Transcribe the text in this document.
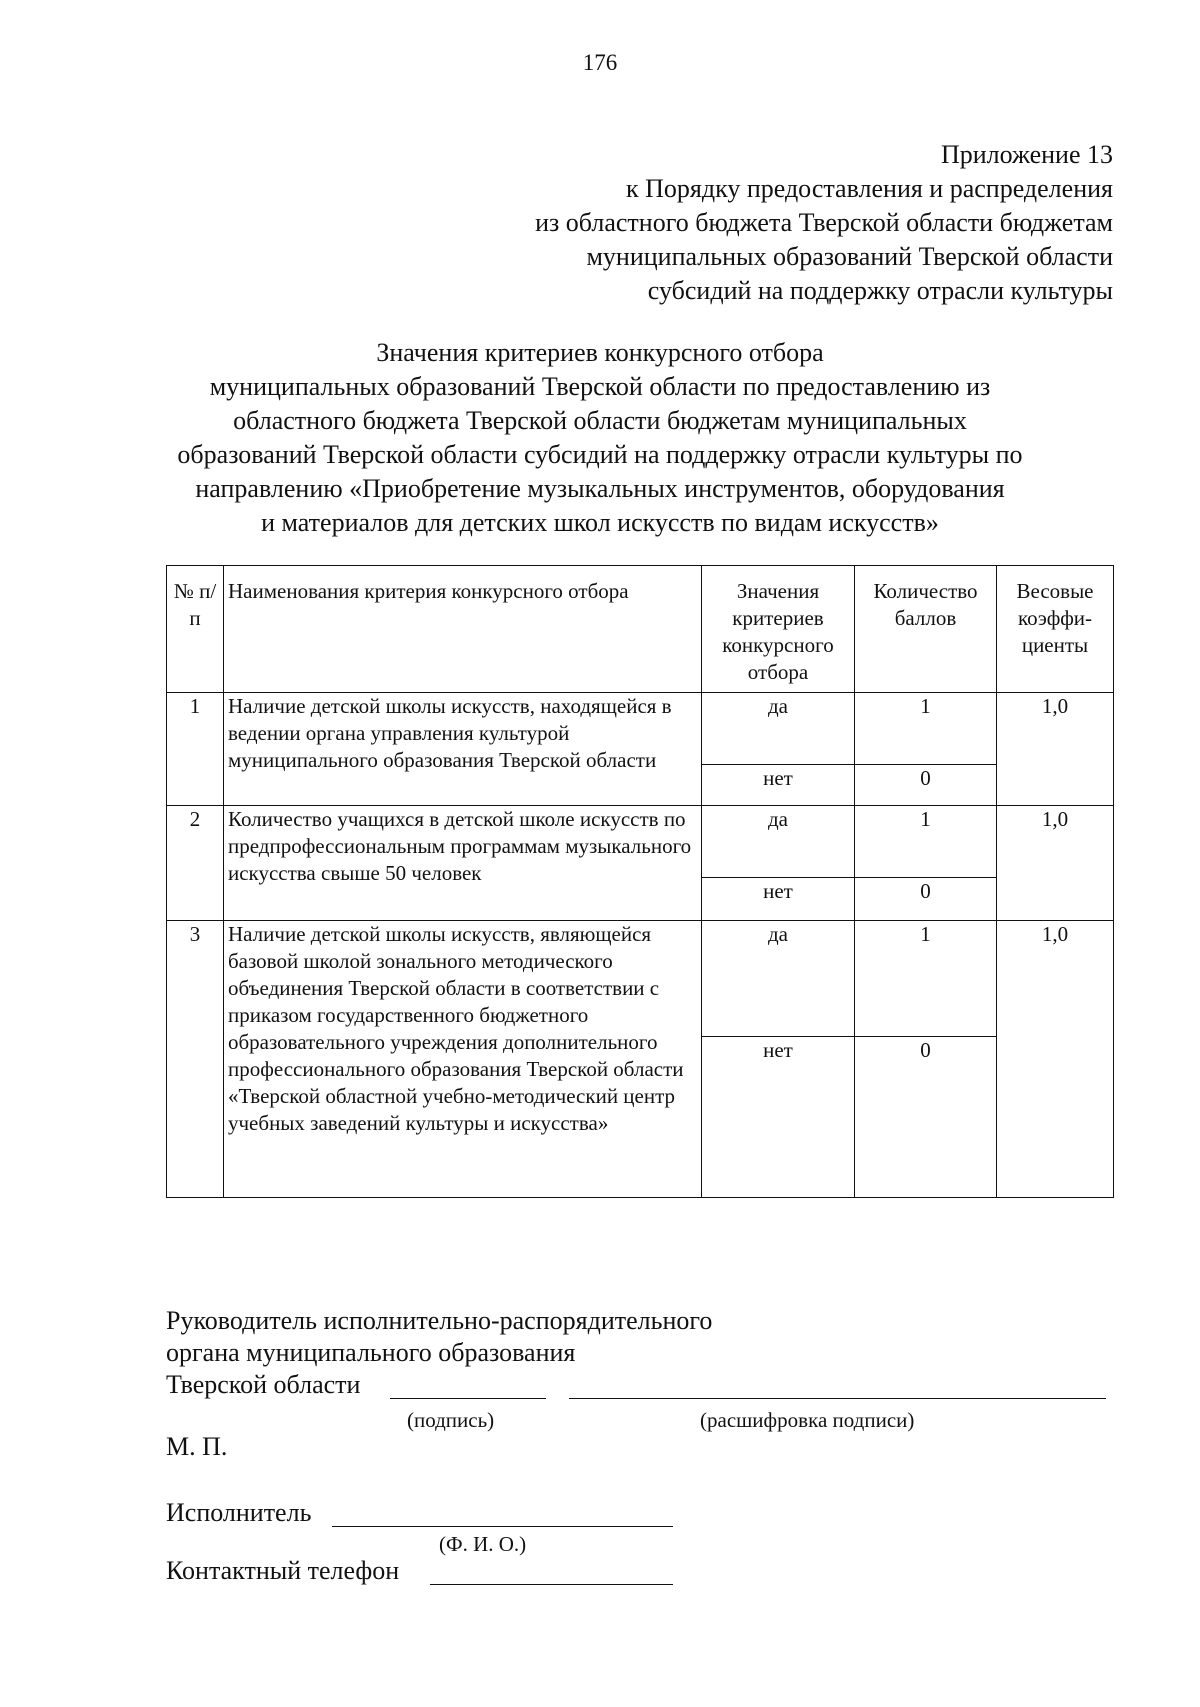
176
Приложение 13
к Порядку предоставления и распределения
из областного бюджета Тверской области бюджетам
муниципальных образований Тверской области
субсидий на поддержку отрасли культуры
Значения критериев конкурсного отбора
муниципальных образований Тверской области по предоставлению из
областного бюджета Тверской области бюджетам муниципальных
образований Тверской области субсидий на поддержку отрасли культуры по
направлению «Приобретение музыкальных инструментов, оборудования
и материалов для детских школ искусств по видам искусств»
№ п/п	Наименования критерия конкурсного отбора	Значения критериев конкурсного отбора	Количество баллов	Весовые коэффи-циенты
1	Наличие детской школы искусств, находящейся в ведении органа управления культурой муниципального образования Тверской области	да	1	1,0
		нет	0	
2	Количество учащихся в детской школе искусств по предпрофессиональным программам музыкального искусства свыше 50 человек	да	1	1,0
		нет	0	
3	Наличие детской школы искусств, являющейся базовой школой зонального методического объединения Тверской области в соответствии с приказом государственного бюджетного образовательного учреждения дополнительного профессионального образования Тверской области «Тверской областной учебно-методический центр учебных заведений культуры и искусства»	да	1	1,0
		нет	0	
Руководитель исполнительно-распорядительного
органа муниципального образования
Тверской области
(подпись)	(расшифровка подписи)
М. П.
Исполнитель
(Ф. И. О.)
Контактный телефон
